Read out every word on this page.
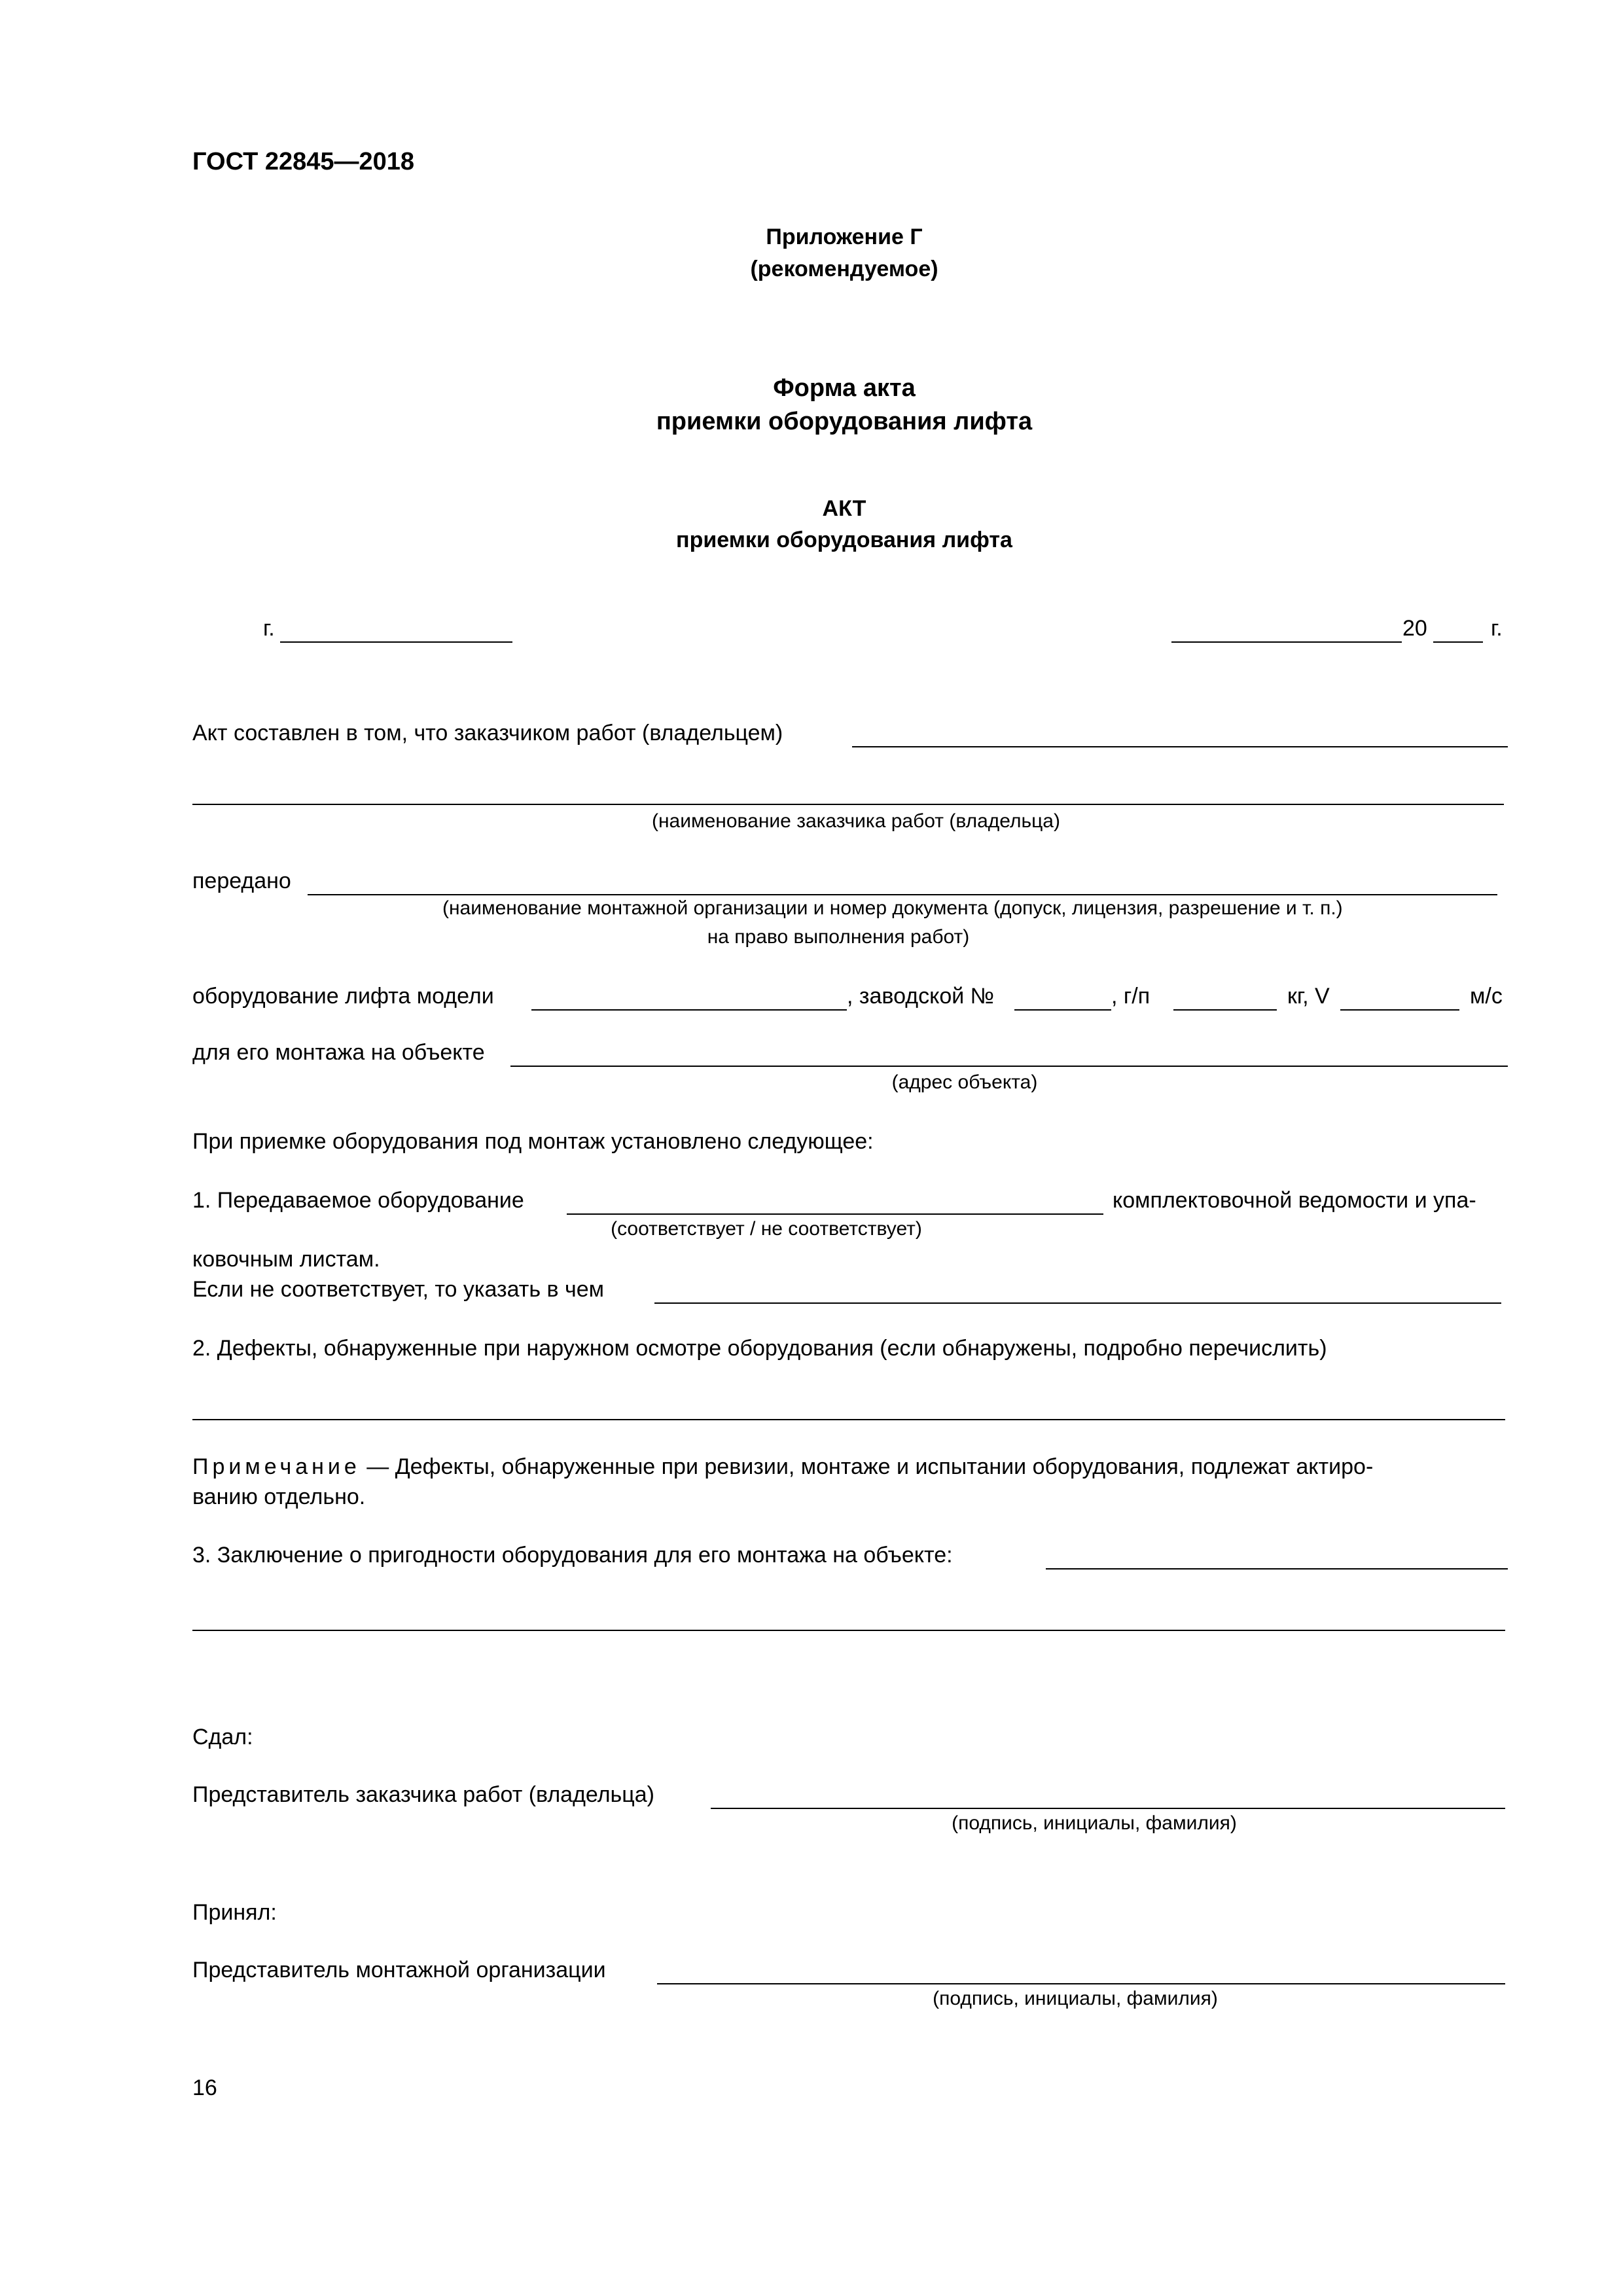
ГОСТ 22845—2018
Приложение Г
(рекомендуемое)
Форма акта
приемки оборудования лифта
АКТ
приемки оборудования лифта
г.	20	г.
Акт составлен в том, что заказчиком работ (владельцем)
(наименование заказчика работ (владельца)
передано
(наименование монтажной организации и номер документа (допуск, лицензия, разрешение и т. п.)
на право выполнения работ)
оборудование лифта модели	, заводской №	, г/п	кг, V	м/с
для его монтажа на объекте
(адрес объекта)
При приемке оборудования под монтаж установлено следующее:
1. Передаваемое оборудование	комплектовочной ведомости и упа-
(соответствует / не соответствует)
ковочным листам.
Если не соответствует, то указать в чем
2. Дефекты, обнаруженные при наружном осмотре оборудования (если обнаружены, подробно перечислить)
Примечание — Дефекты, обнаруженные при ревизии, монтаже и испытании оборудования, подлежат актиро-
ванию отдельно.
3. Заключение о пригодности оборудования для его монтажа на объекте:
Сдал:
Представитель заказчика работ (владельца)
(подпись, инициалы, фамилия)
Принял:
Представитель монтажной организации
(подпись, инициалы, фамилия)
16
